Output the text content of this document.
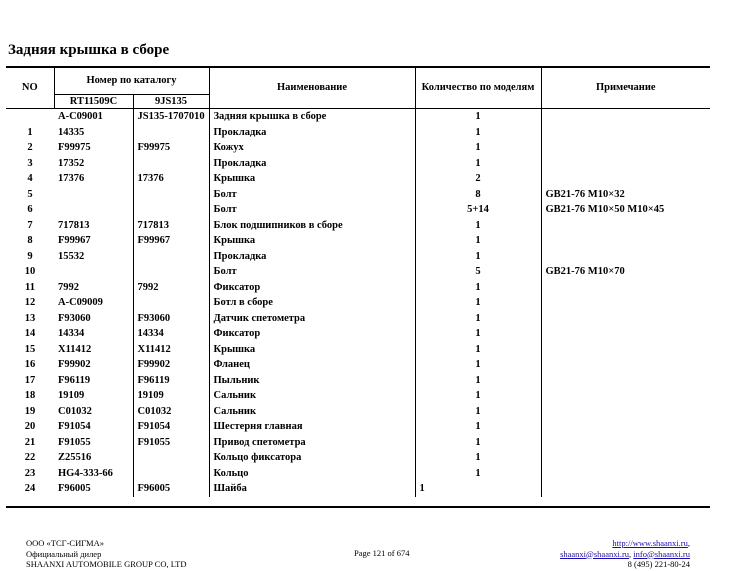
Задняя крышка в сборе
NO	Номер по каталогу		Наименование	Количество по моделям	Примечание
	RT11509C	9JS135			
	A-C09001	JS135-1707010	Задняя крышка в сборе	1	
1	14335		Прокладка	1	
2	F99975	F99975	Кожух	1	
3	17352		Прокладка	1	
4	17376	17376	Крышка	2	
5			Болт	8	GB21-76 M10×32
6			Болт	5+14	GB21-76 M10×50 M10×45
7	717813	717813	Блок подшипников в сборе	1	
8	F99967	F99967	Крышка	1	
9	15532		Прокладка	1	
10			Болт	5	GB21-76 M10×70
11	7992	7992	Фиксатор	1	
12	A-C09009		Ботл в сборе	1	
13	F93060	F93060	Датчик спетометра	1	
14	14334	14334	Фиксатор	1	
15	X11412	X11412	Крышка	1	
16	F99902	F99902	Фланец	1	
17	F96119	F96119	Пыльник	1	
18	19109	19109	Сальник	1	
19	C01032	C01032	Сальник	1	
20	F91054	F91054	Шестерня главная	1	
21	F91055	F91055	Привод спетометра	1	
22	Z25516		Кольцо фиксатора	1	
23	HG4-333-66		Кольцо	1	
24	F96005	F96005	Шайба	1	
ООО «ТСГ-СИГМА»
Официальный дилер
SHAANXI AUTOMOBILE GROUP CO, LTD
Page 121 of 674
http://www.shaanxi.ru,
shaanxi@shaanxi.ru, info@shaanxi.ru
8 (495) 221-80-24
